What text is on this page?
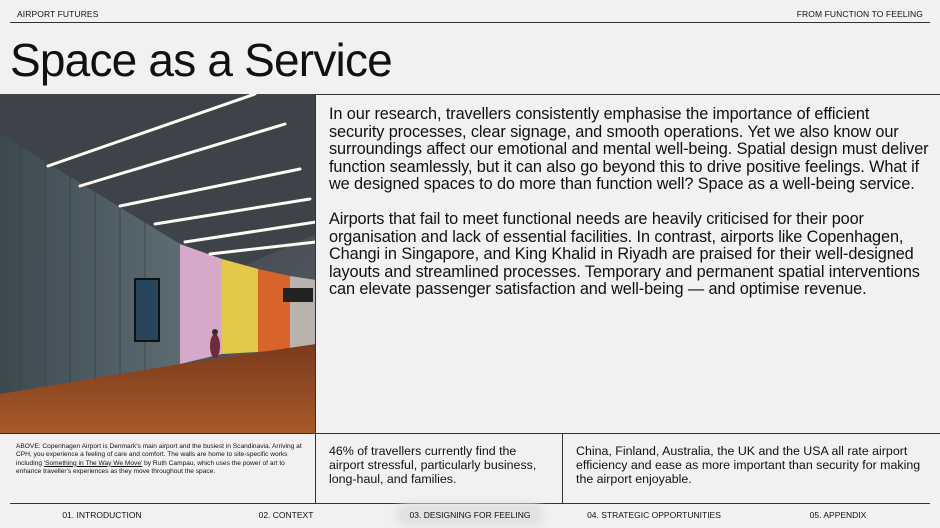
AIRPORT FUTURES	FROM FUNCTION TO FEELING
Space as a Service

In our research, travellers consistently emphasise the importance of efficient security processes, clear signage, and smooth operations. Yet we also know our surroundings affect our emotional and mental well-being. Spatial design must deliver function seamlessly, but it can also go beyond this to drive positive feelings. What if we designed spaces to do more than function well? Space as a well-being service.

Airports that fail to meet functional needs are heavily criticised for their poor organisation and lack of essential facilities. In contrast, airports like Copenhagen, Changi in Singapore, and King Khalid in Riyadh are praised for their well-designed layouts and streamlined processes. Temporary and permanent spatial interventions can elevate passenger satisfaction and well-being — and optimise revenue.

ABOVE: Copenhagen Airport is Denmark's main airport and the busiest in Scandinavia. Arriving at CPH, you experience a feeling of care and comfort. The walls are home to site-specific works including 'Something in The Way We Move' by Ruth Campau, which uses the power of art to enhance traveller's experiences as they move throughout the space.
46% of travellers currently find the airport stressful, particularly business, long-haul, and families.
China, Finland, Australia, the UK and the USA all rate airport efficiency and ease as more important than security for making the airport enjoyable.
01. INTRODUCTION	02. CONTEXT	03. DESIGNING FOR FEELING	04. STRATEGIC OPPORTUNITIES	05. APPENDIX
